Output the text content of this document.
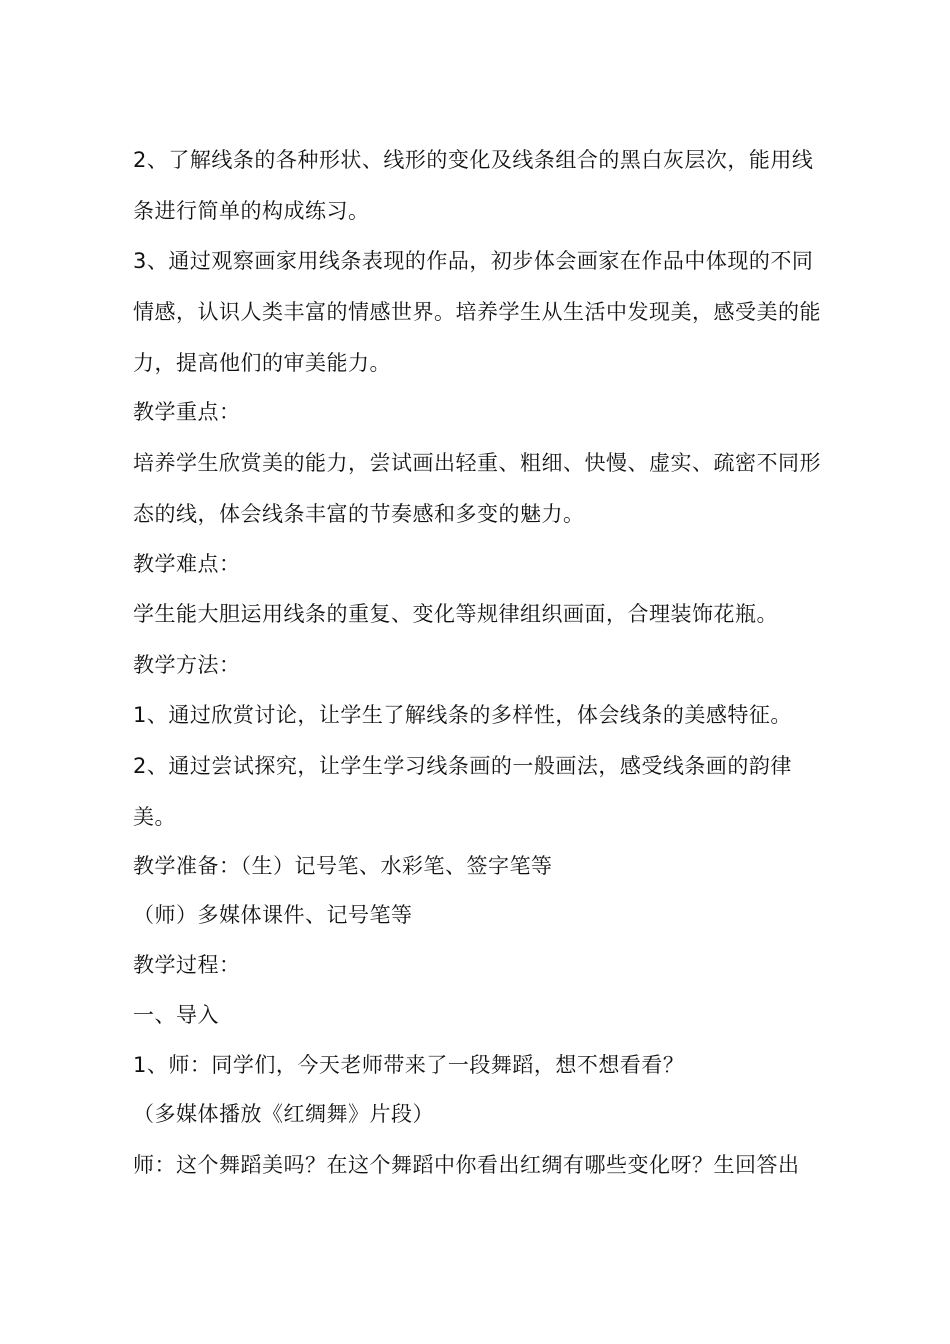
2、了解线条的各种形状、线形的变化及线条组合的黑白灰层次，能用线条进行简单的构成练习。
3、通过观察画家用线条表现的作品，初步体会画家在作品中体现的不同情感，认识人类丰富的情感世界。培养学生从生活中发现美，感受美的能力，提高他们的审美能力。
教学重点：
培养学生欣赏美的能力，尝试画出轻重、粗细、快慢、虚实、疏密不同形态的线，体会线条丰富的节奏感和多变的魅力。
教学难点：
学生能大胆运用线条的重复、变化等规律组织画面，合理装饰花瓶。
教学方法：
1、通过欣赏讨论，让学生了解线条的多样性，体会线条的美感特征。
2、通过尝试探究，让学生学习线条画的一般画法，感受线条画的韵律美。
教学准备：（生）记号笔、水彩笔、签字笔等
（师）多媒体课件、记号笔等
教学过程：
一、导入
1、师：同学们，今天老师带来了一段舞蹈，想不想看看？
（多媒体播放《红绸舞》片段）
师：这个舞蹈美吗？在这个舞蹈中你看出红绸有哪些变化呀？生回答出
